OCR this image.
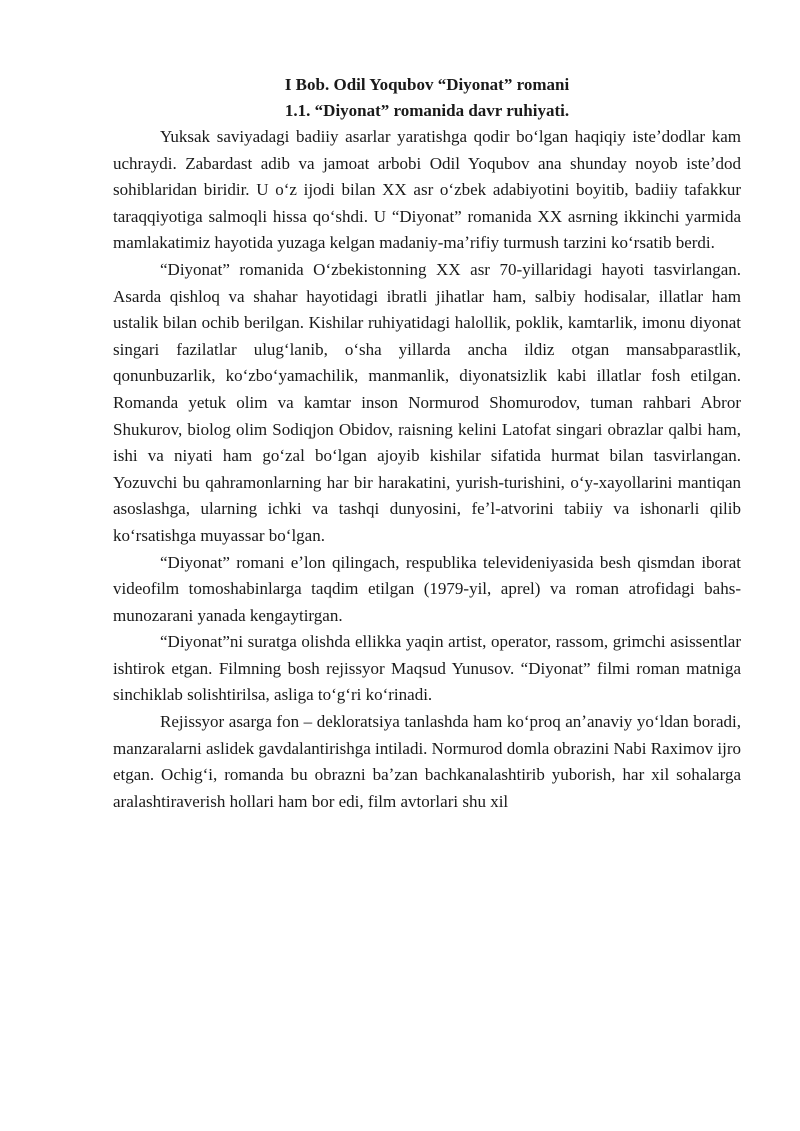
I Bob. Odil Yoqubov “Diyonat” romani

1.1. “Diyonat” romanida davr ruhiyati.

Yuksak saviyadagi badiiy asarlar yaratishga qodir boʻlgan haqiqiy isteʼdodlar kam uchraydi. Zabardast adib va jamoat arbobi Odil Yoqubov ana shunday noyob isteʼdod sohiblaridan biridir. U oʻz ijodi bilan XX asr oʻzbek adabiyotini boyitib, badiiy tafakkur taraqqiyotiga salmoqli hissa qoʻshdi. U “Diyonat” romanida XX asrning ikkinchi yarmida mamlakatimiz hayotida yuzaga kelgan madaniy-maʼrifiy turmush tarzini koʻrsatib berdi.

“Diyonat” romanida Oʻzbekistonning XX asr 70-yillaridagi hayoti tasvirlangan. Asarda qishloq va shahar hayotidagi ibratli jihatlar ham, salbiy hodisalar, illatlar ham ustalik bilan ochib berilgan. Kishilar ruhiyatidagi halollik, poklik, kamtarlik, imonu diyonat singari fazilatlar ulugʻlanib, oʻsha yillarda ancha ildiz otgan mansabparastlik, qonunbuzarlik, koʻzboʻyamachilik, manmanlik, diyonatsizlik kabi illatlar fosh etilgan. Romanda yetuk olim va kamtar inson Normurod Shomurodov, tuman rahbari Abror Shukurov, biolog olim Sodiqjon Obidov, raisning kelini Latofat singari obrazlar qalbi ham, ishi va niyati ham goʻzal boʻlgan ajoyib kishilar sifatida hurmat bilan tasvirlangan. Yozuvchi bu qahramonlarning har bir harakatini, yurish-turishini, oʻy-xayollarini mantiqan asoslashga, ularning ichki va tashqi dunyosini, feʼl-atvorini tabiiy va ishonarli qilib koʻrsatishga muyassar boʻlgan.

“Diyonat” romani eʼlon qilingach, respublika televideniyasida besh qismdan iborat videofilm tomoshabinlarga taqdim etilgan (1979-yil, aprel) va roman atrofidagi bahs-munozarani yanada kengaytirgan.

“Diyonat”ni suratga olishda ellikka yaqin artist, operator, rassom, grimchi asissentlar ishtirok etgan. Filmning bosh rejissyor Maqsud Yunusov. “Diyonat” filmi roman matniga sinchiklab solishtirilsa, asliga toʻgʻri koʻrinadi.

Rejissyor asarga fon – dekloratsiya tanlashda ham koʻproq anʼanaviy yoʻldan boradi, manzaralarni aslidek gavdalantirishga intiladi. Normurod domla obrazini Nabi Raximov ijro etgan. Ochigʻi, romanda bu obrazni baʼzan bachkanalashtirib yuborish, har xil sohalarga aralashtiraverish hollari ham bor edi, film avtorlari shu xil
